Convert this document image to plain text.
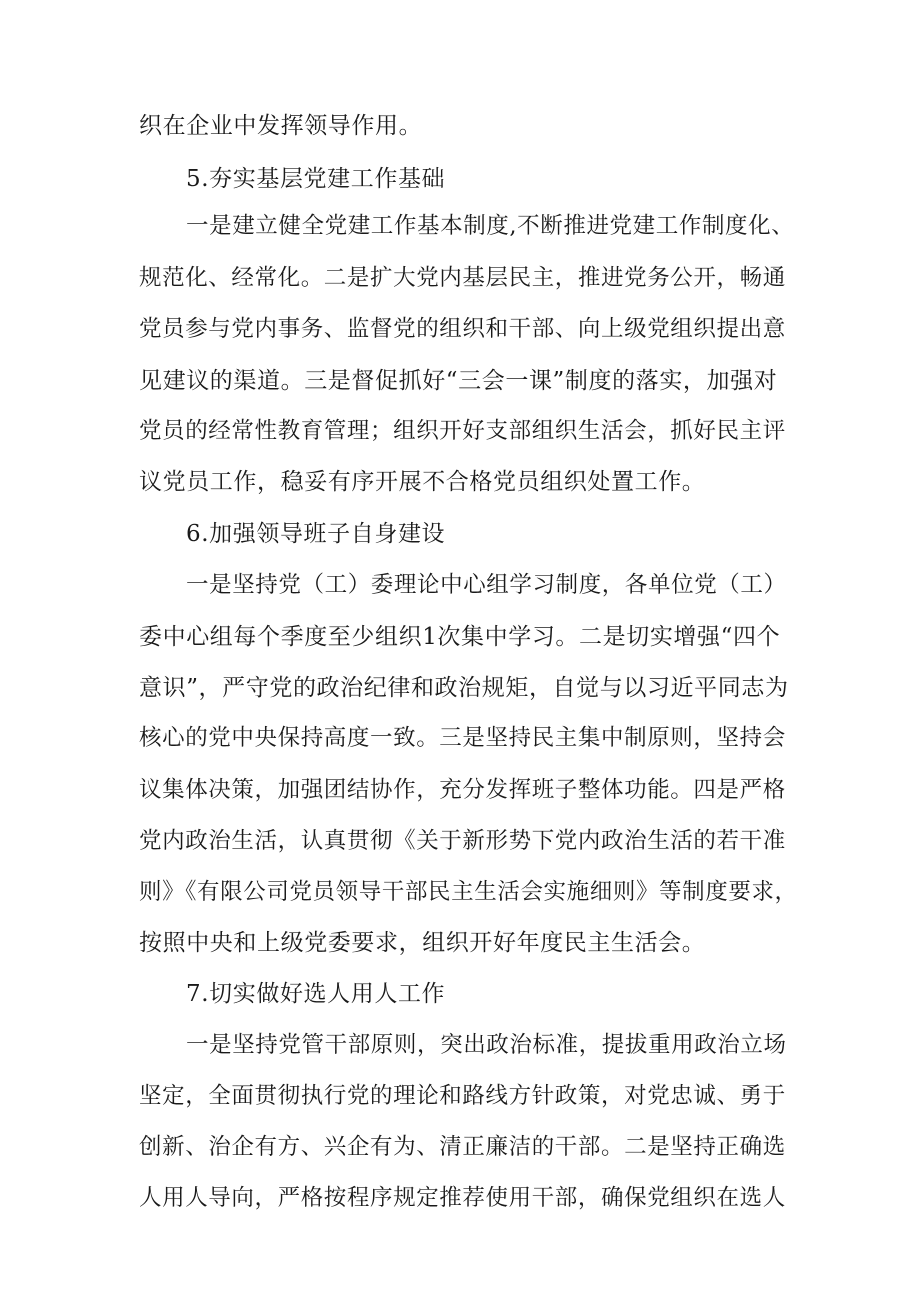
织在企业中发挥领导作用。
5.夯实基层党建工作基础
一是建立健全党建工作基本制度,不断推进党建工作制度化、
规范化、经常化。二是扩大党内基层民主，推进党务公开，畅通
党员参与党内事务、监督党的组织和干部、向上级党组织提出意
见建议的渠道。三是督促抓好“三会一课”制度的落实，加强对
党员的经常性教育管理；组织开好支部组织生活会，抓好民主评
议党员工作，稳妥有序开展不合格党员组织处置工作。
6.加强领导班子自身建设
一是坚持党（工）委理论中心组学习制度，各单位党（工）
委中心组每个季度至少组织1次集中学习。二是切实增强“四个
意识”，严守党的政治纪律和政治规矩，自觉与以习近平同志为
核心的党中央保持高度一致。三是坚持民主集中制原则，坚持会
议集体决策，加强团结协作，充分发挥班子整体功能。四是严格
党内政治生活，认真贯彻《关于新形势下党内政治生活的若干准
则》《有限公司党员领导干部民主生活会实施细则》等制度要求，
按照中央和上级党委要求，组织开好年度民主生活会。
7.切实做好选人用人工作
一是坚持党管干部原则，突出政治标准，提拔重用政治立场
坚定，全面贯彻执行党的理论和路线方针政策，对党忠诚、勇于
创新、治企有方、兴企有为、清正廉洁的干部。二是坚持正确选
人用人导向，严格按程序规定推荐使用干部，确保党组织在选人
